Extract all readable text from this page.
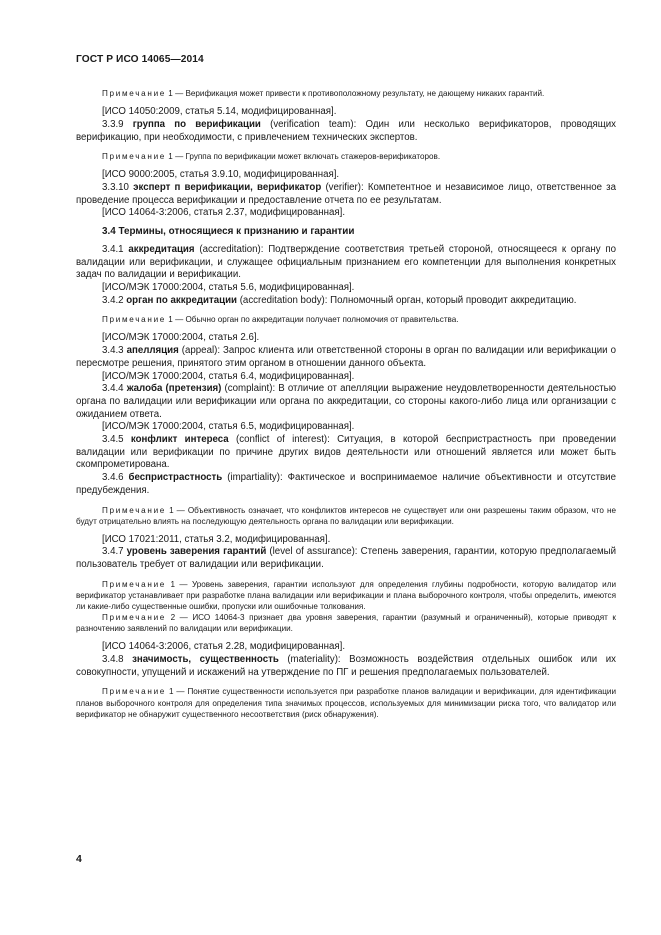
ГОСТ Р ИСО 14065—2014

Примечание 1 — Верификация может привести к противоположному результату, не дающему никаких гарантий.

[ИСО 14050:2009, статья 5.14, модифицированная].

3.3.9 группа по верификации (verification team): Один или несколько верификаторов, проводящих верификацию, при необходимости, с привлечением технических экспертов.

Примечание 1 — Группа по верификации может включать стажеров-верификаторов.

[ИСО 9000:2005, статья 3.9.10, модифицированная].

3.3.10 эксперт п верификации, верификатор (verifier): Компетентное и независимое лицо, ответственное за проведение процесса верификации и предоставление отчета по ее результатам.

[ИСО 14064-3:2006, статья 2.37, модифицированная].

3.4 Термины, относящиеся к признанию и гарантии

3.4.1 аккредитация (accreditation): Подтверждение соответствия третьей стороной, относящееся к органу по валидации или верификации, и служащее официальным признанием его компетенции для выполнения конкретных задач по валидации и верификации.

[ИСО/МЭК 17000:2004, статья 5.6, модифицированная].

3.4.2 орган по аккредитации (accreditation body): Полномочный орган, который проводит аккредитацию.

Примечание 1 — Обычно орган по аккредитации получает полномочия от правительства.

[ИСО/МЭК 17000:2004, статья 2.6].

3.4.3 апелляция (appeal): Запрос клиента или ответственной стороны в орган по валидации или верификации о пересмотре решения, принятого этим органом в отношении данного объекта.

[ИСО/МЭК 17000:2004, статья 6.4, модифицированная].

3.4.4 жалоба (претензия) (complaint): В отличие от апелляции выражение неудовлетворенности деятельностью органа по валидации или верификации или органа по аккредитации, со стороны какого-либо лица или организации с ожиданием ответа.

[ИСО/МЭК 17000:2004, статья 6.5, модифицированная].

3.4.5 конфликт интереса (conflict of interest): Ситуация, в которой беспристрастность при проведении валидации или верификации по причине других видов деятельности или отношений является или может быть скомпрометирована.

3.4.6 беспристрастность (impartiality): Фактическое и воспринимаемое наличие объективности и отсутствие предубеждения.

Примечание 1 — Объективность означает, что конфликтов интересов не существует или они разрешены таким образом, что не будут отрицательно влиять на последующую деятельность органа по валидации или верификации.

[ИСО 17021:2011, статья 3.2, модифицированная].

3.4.7 уровень заверения гарантий (level of assurance): Степень заверения, гарантии, которую предполагаемый пользователь требует от валидации или верификации.

Примечание 1 — Уровень заверения, гарантии используют для определения глубины подробности, которую валидатор или верификатор устанавливает при разработке плана валидации или верификации и плана выборочного контроля, чтобы определить, имеются ли какие-либо существенные ошибки, пропуски или ошибочные толкования.

Примечание 2 — ИСО 14064-3 признает два уровня заверения, гарантии (разумный и ограниченный), которые приводят к разночтению заявлений по валидации или верификации.

[ИСО 14064-3:2006, статья 2.28, модифицированная].

3.4.8 значимость, существенность (materiality): Возможность воздействия отдельных ошибок или их совокупности, упущений и искажений на утверждение по ПГ и решения предполагаемых пользователей.

Примечание 1 — Понятие существенности используется при разработке планов валидации и верификации, для идентификации планов выборочного контроля для определения типа значимых процессов, используемых для минимизации риска того, что валидатор или верификатор не обнаружит существенного несоответствия (риск обнаружения).

4
